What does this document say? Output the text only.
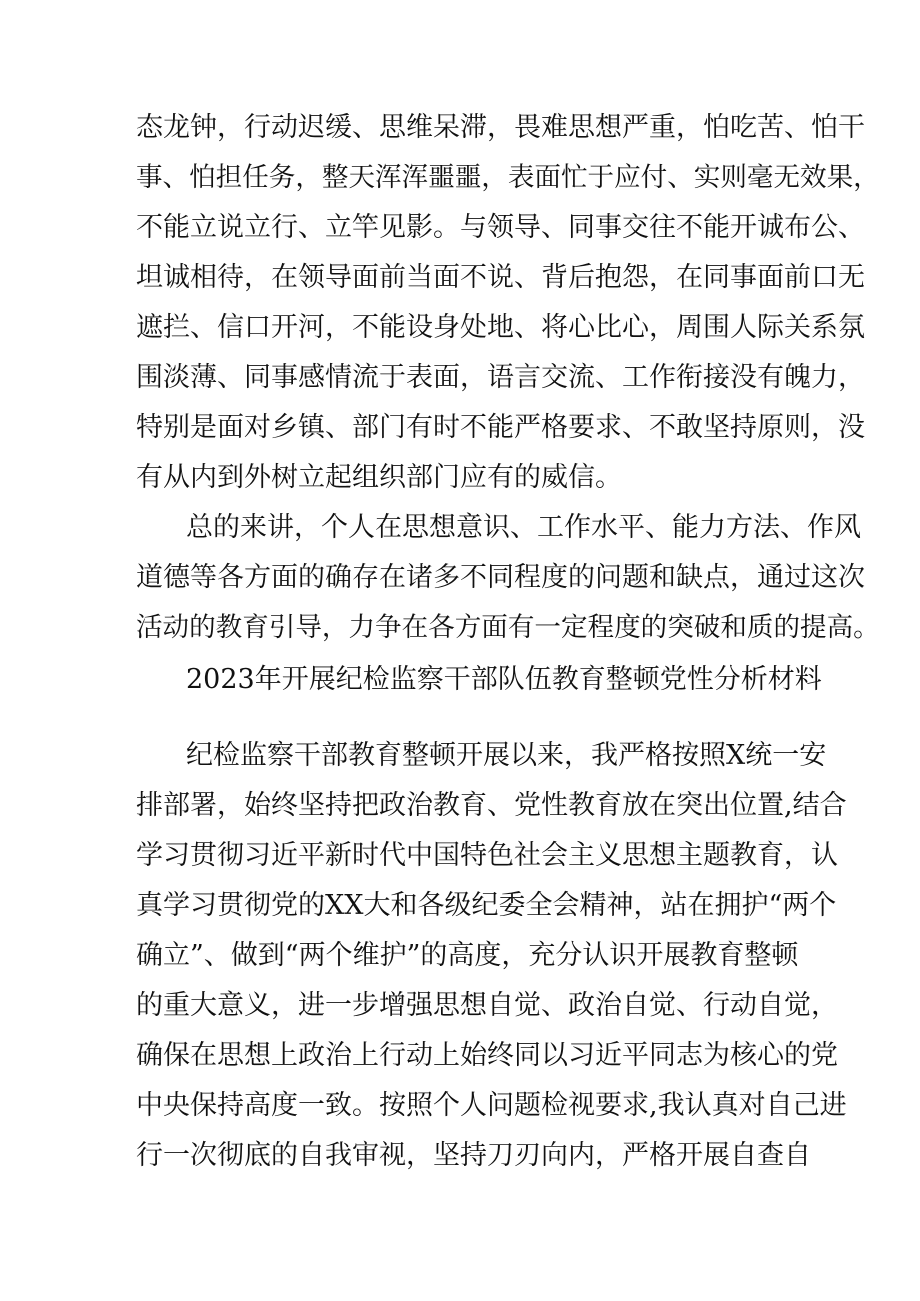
态龙钟，行动迟缓、思维呆滞，畏难思想严重，怕吃苦、怕干
事、怕担任务，整天浑浑噩噩，表面忙于应付、实则毫无效果，
不能立说立行、立竿见影。与领导、同事交往不能开诚布公、
坦诚相待，在领导面前当面不说、背后抱怨，在同事面前口无
遮拦、信口开河，不能设身处地、将心比心，周围人际关系氛
围淡薄、同事感情流于表面，语言交流、工作衔接没有魄力，
特别是面对乡镇、部门有时不能严格要求、不敢坚持原则，没
有从内到外树立起组织部门应有的威信。
总的来讲，个人在思想意识、工作水平、能力方法、作风
道德等各方面的确存在诸多不同程度的问题和缺点，通过这次
活动的教育引导，力争在各方面有一定程度的突破和质的提高。
2023年开展纪检监察干部队伍教育整顿党性分析材料
纪检监察干部教育整顿开展以来，我严格按照X统一安
排部署，始终坚持把政治教育、党性教育放在突出位置,结合
学习贯彻习近平新时代中国特色社会主义思想主题教育，认
真学习贯彻党的XX大和各级纪委全会精神，站在拥护“两个
确立”、做到“两个维护”的高度，充分认识开展教育整顿
的重大意义，进一步增强思想自觉、政治自觉、行动自觉，
确保在思想上政治上行动上始终同以习近平同志为核心的党
中央保持高度一致。按照个人问题检视要求,我认真对自己进
行一次彻底的自我审视，坚持刀刃向内，严格开展自查自
